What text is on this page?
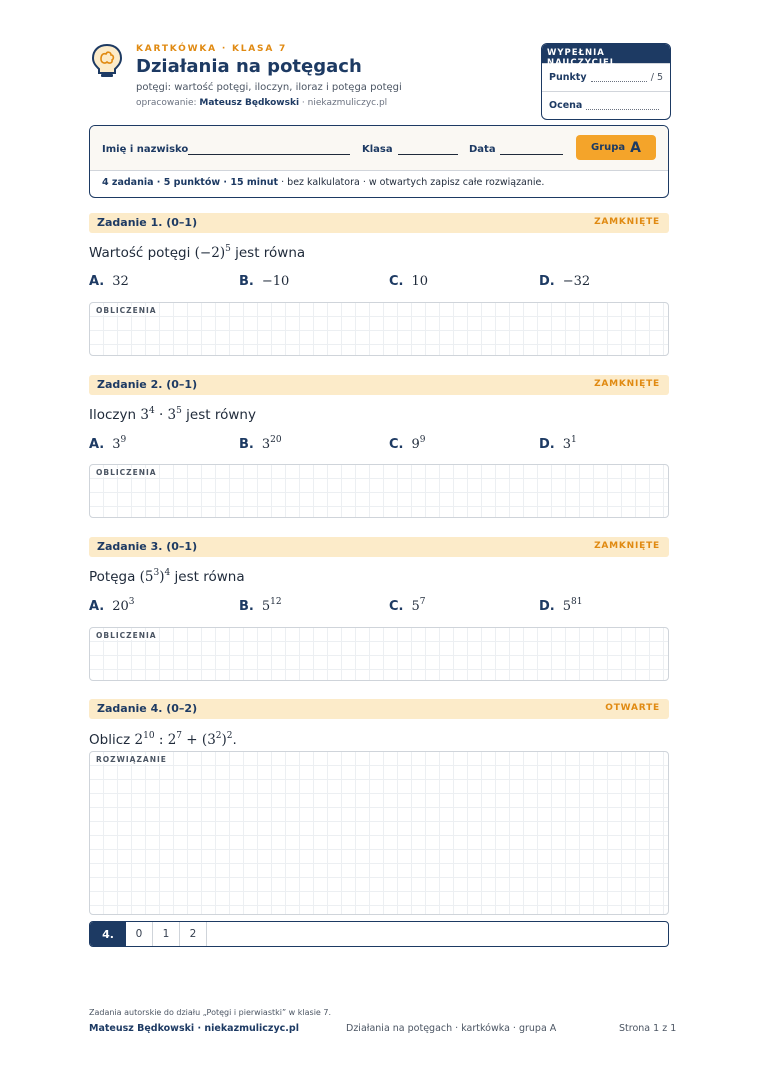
KARTKÓWKA · KLASA 7
Działania na potęgach
potęgi: wartość potęgi, iloczyn, iloraz i potęga potęgi
opracowanie: Mateusz Będkowski · niekazmuliczyc.pl
WYPEŁNIA NAUCZYCIEL
Punkty	/ 5
Ocena
Imię i nazwisko	Klasa	Data	Grupa A
4 zadania · 5 punktów · 15 minut · bez kalkulatora · w otwartych zapisz całe rozwiązanie.
Zadanie 1. (0–1)	ZAMKNIĘTE
Wartość potęgi $(-2)^5$ jest równa
A. 32	B. −10	C. 10	D. −32
OBLICZENIA
Zadanie 2. (0–1)	ZAMKNIĘTE
Iloczyn $3^4 \cdot 3^5$ jest równy
A. $3^9$	B. $3^{20}$	C. $9^9$	D. $3^1$
OBLICZENIA
Zadanie 3. (0–1)	ZAMKNIĘTE
Potęga $(5^3)^4$ jest równa
A. $20^3$	B. $5^{12}$	C. $5^7$	D. $5^{81}$
OBLICZENIA
Zadanie 4. (0–2)	OTWARTE
Oblicz $2^{10}$ : $2^7 + (3^2)^2$.
ROZWIĄZANIE
4.	0	1	2
Zadania autorskie do działu „Potęgi i pierwiastki” w klasie 7.
Mateusz Będkowski · niekazmuliczyc.pl	Działania na potęgach · kartkówka · grupa A	Strona 1 z 1
